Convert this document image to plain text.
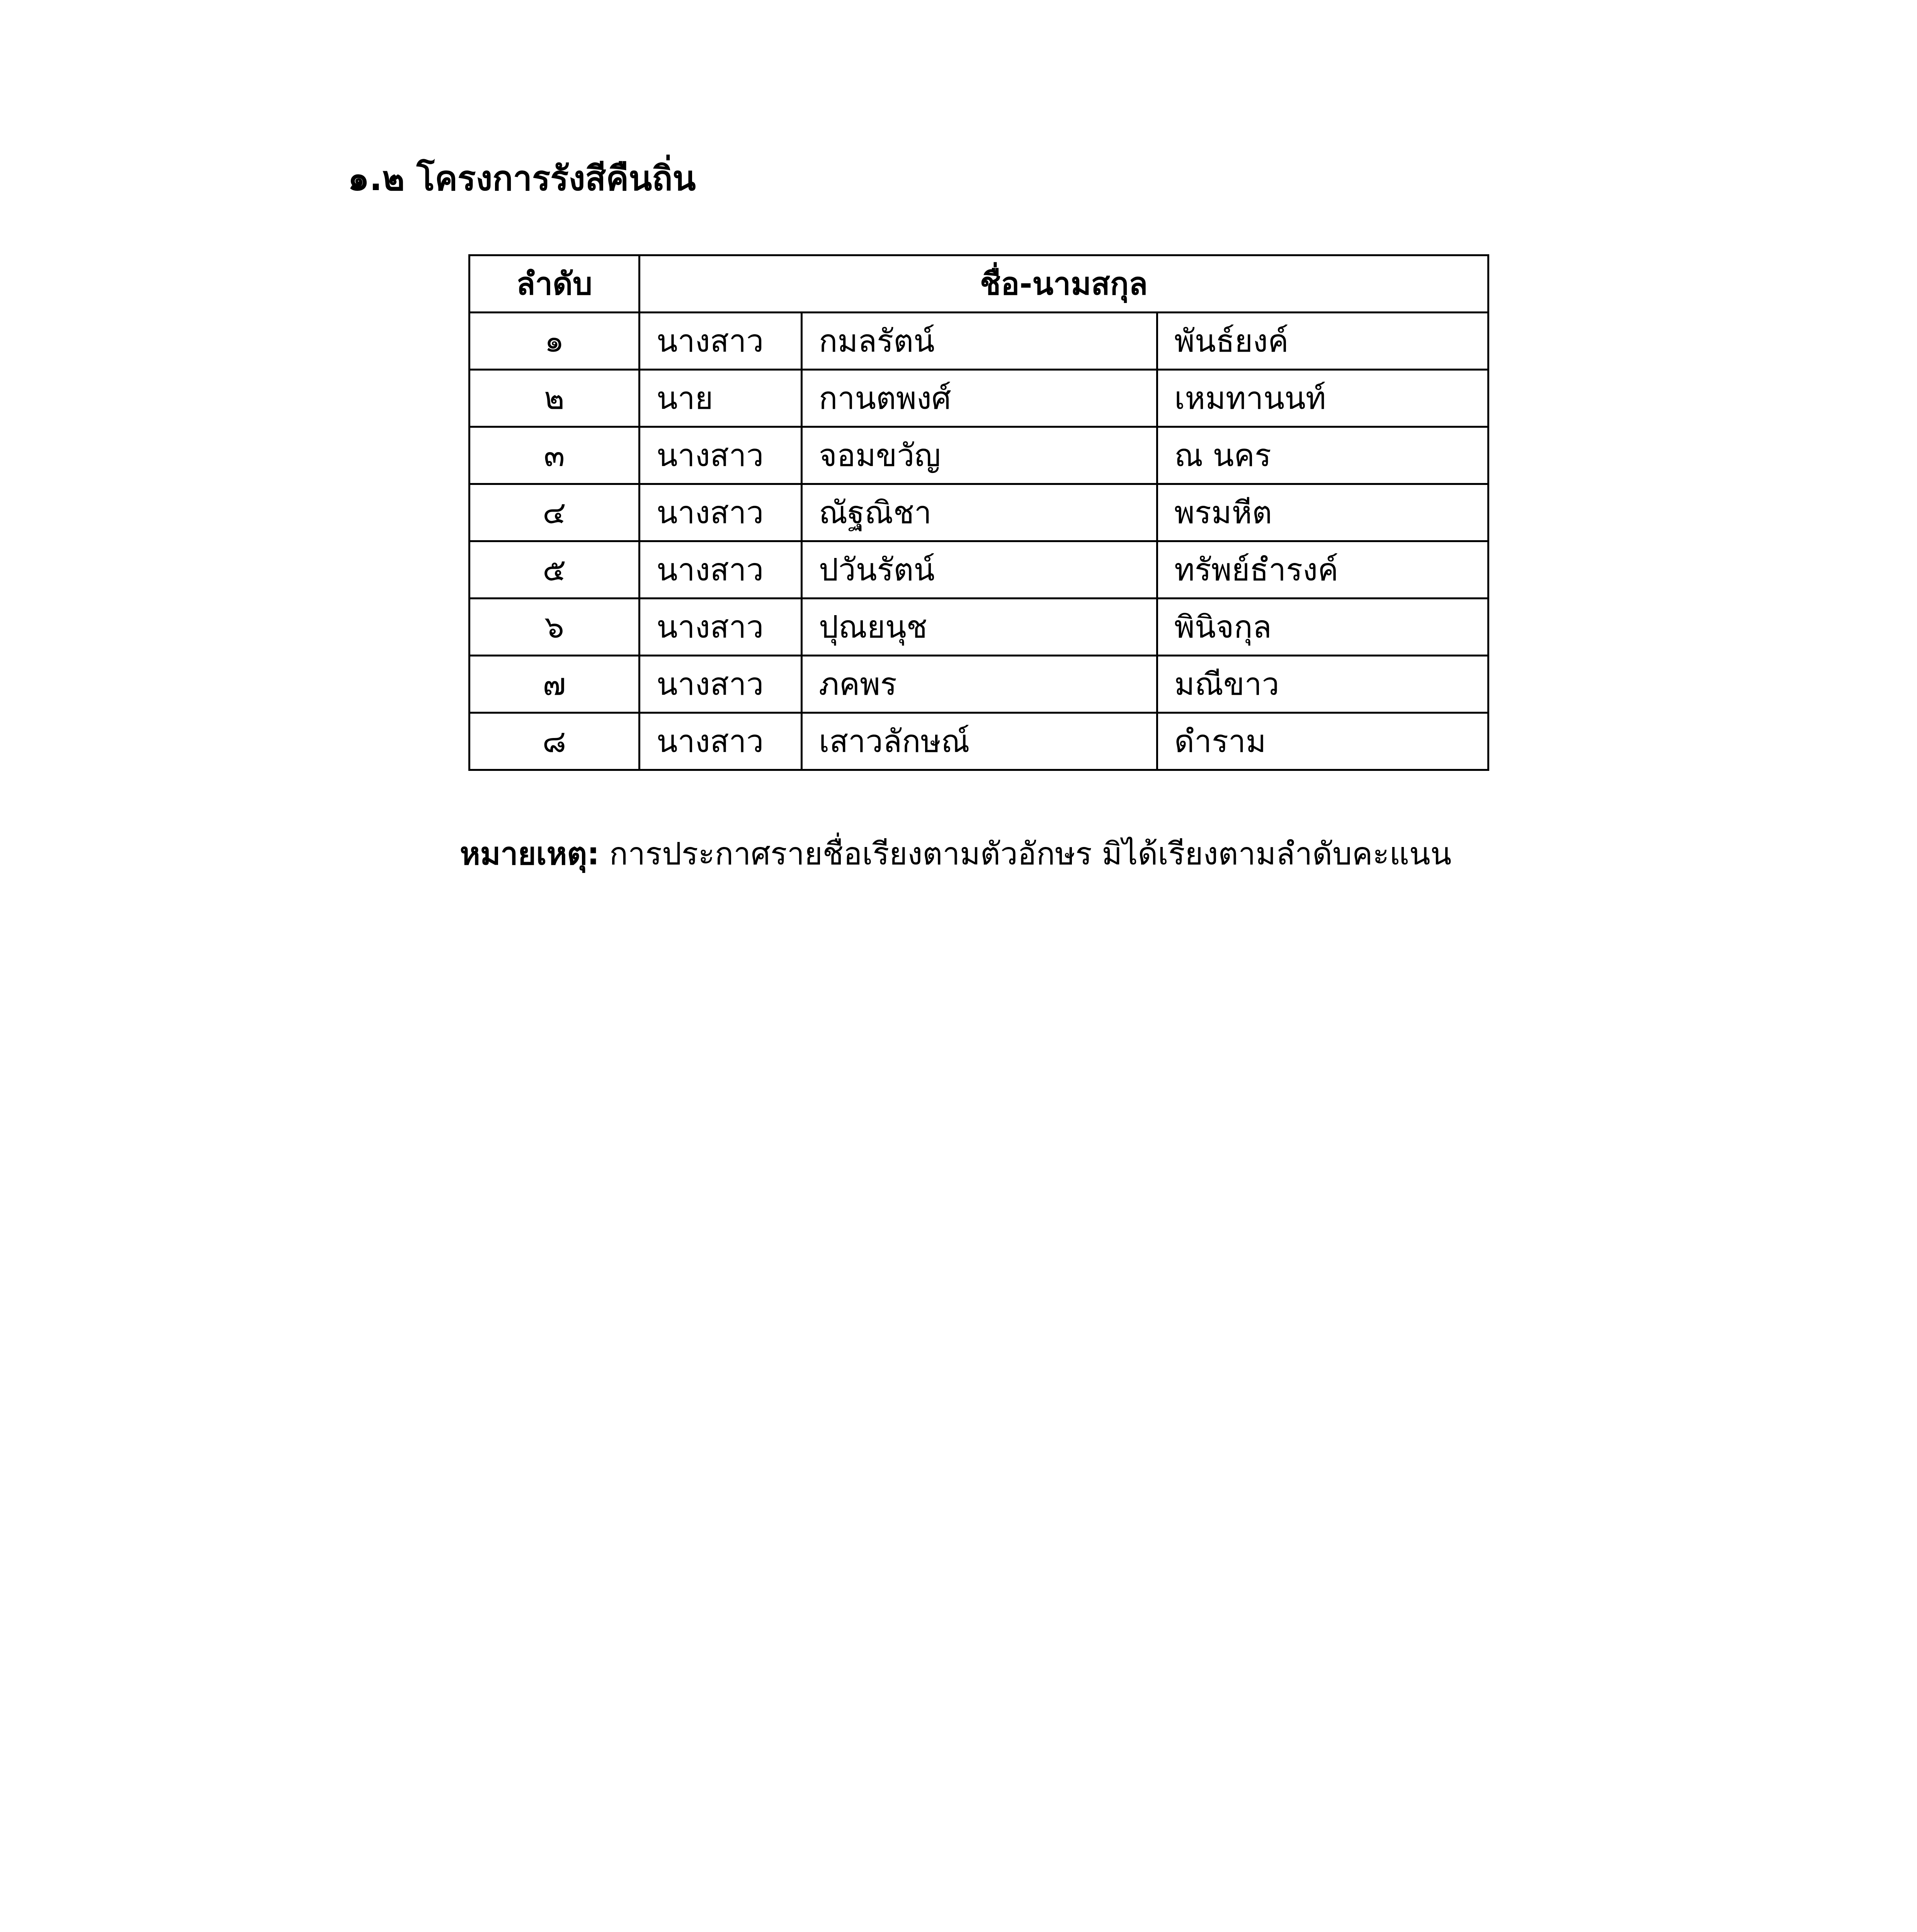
๑.๒ โครงการรังสีคืนถิ่น
ลำดับ	ชื่อ-นามสกุล		
๑	นางสาว	กมลรัตน์	พันธ์ยงค์
๒	นาย	กานตพงศ์	เหมทานนท์
๓	นางสาว	จอมขวัญ	ณ นคร
๔	นางสาว	ณัฐณิชา	พรมหีต
๕	นางสาว	ปวันรัตน์	ทรัพย์ธำรงค์
๖	นางสาว	ปุณยนุช	พินิจกุล
๗	นางสาว	ภคพร	มณีขาว
๘	นางสาว	เสาวลักษณ์	ดำราม
หมายเหตุ: การประกาศรายชื่อเรียงตามตัวอักษร มิได้เรียงตามลำดับคะแนน
